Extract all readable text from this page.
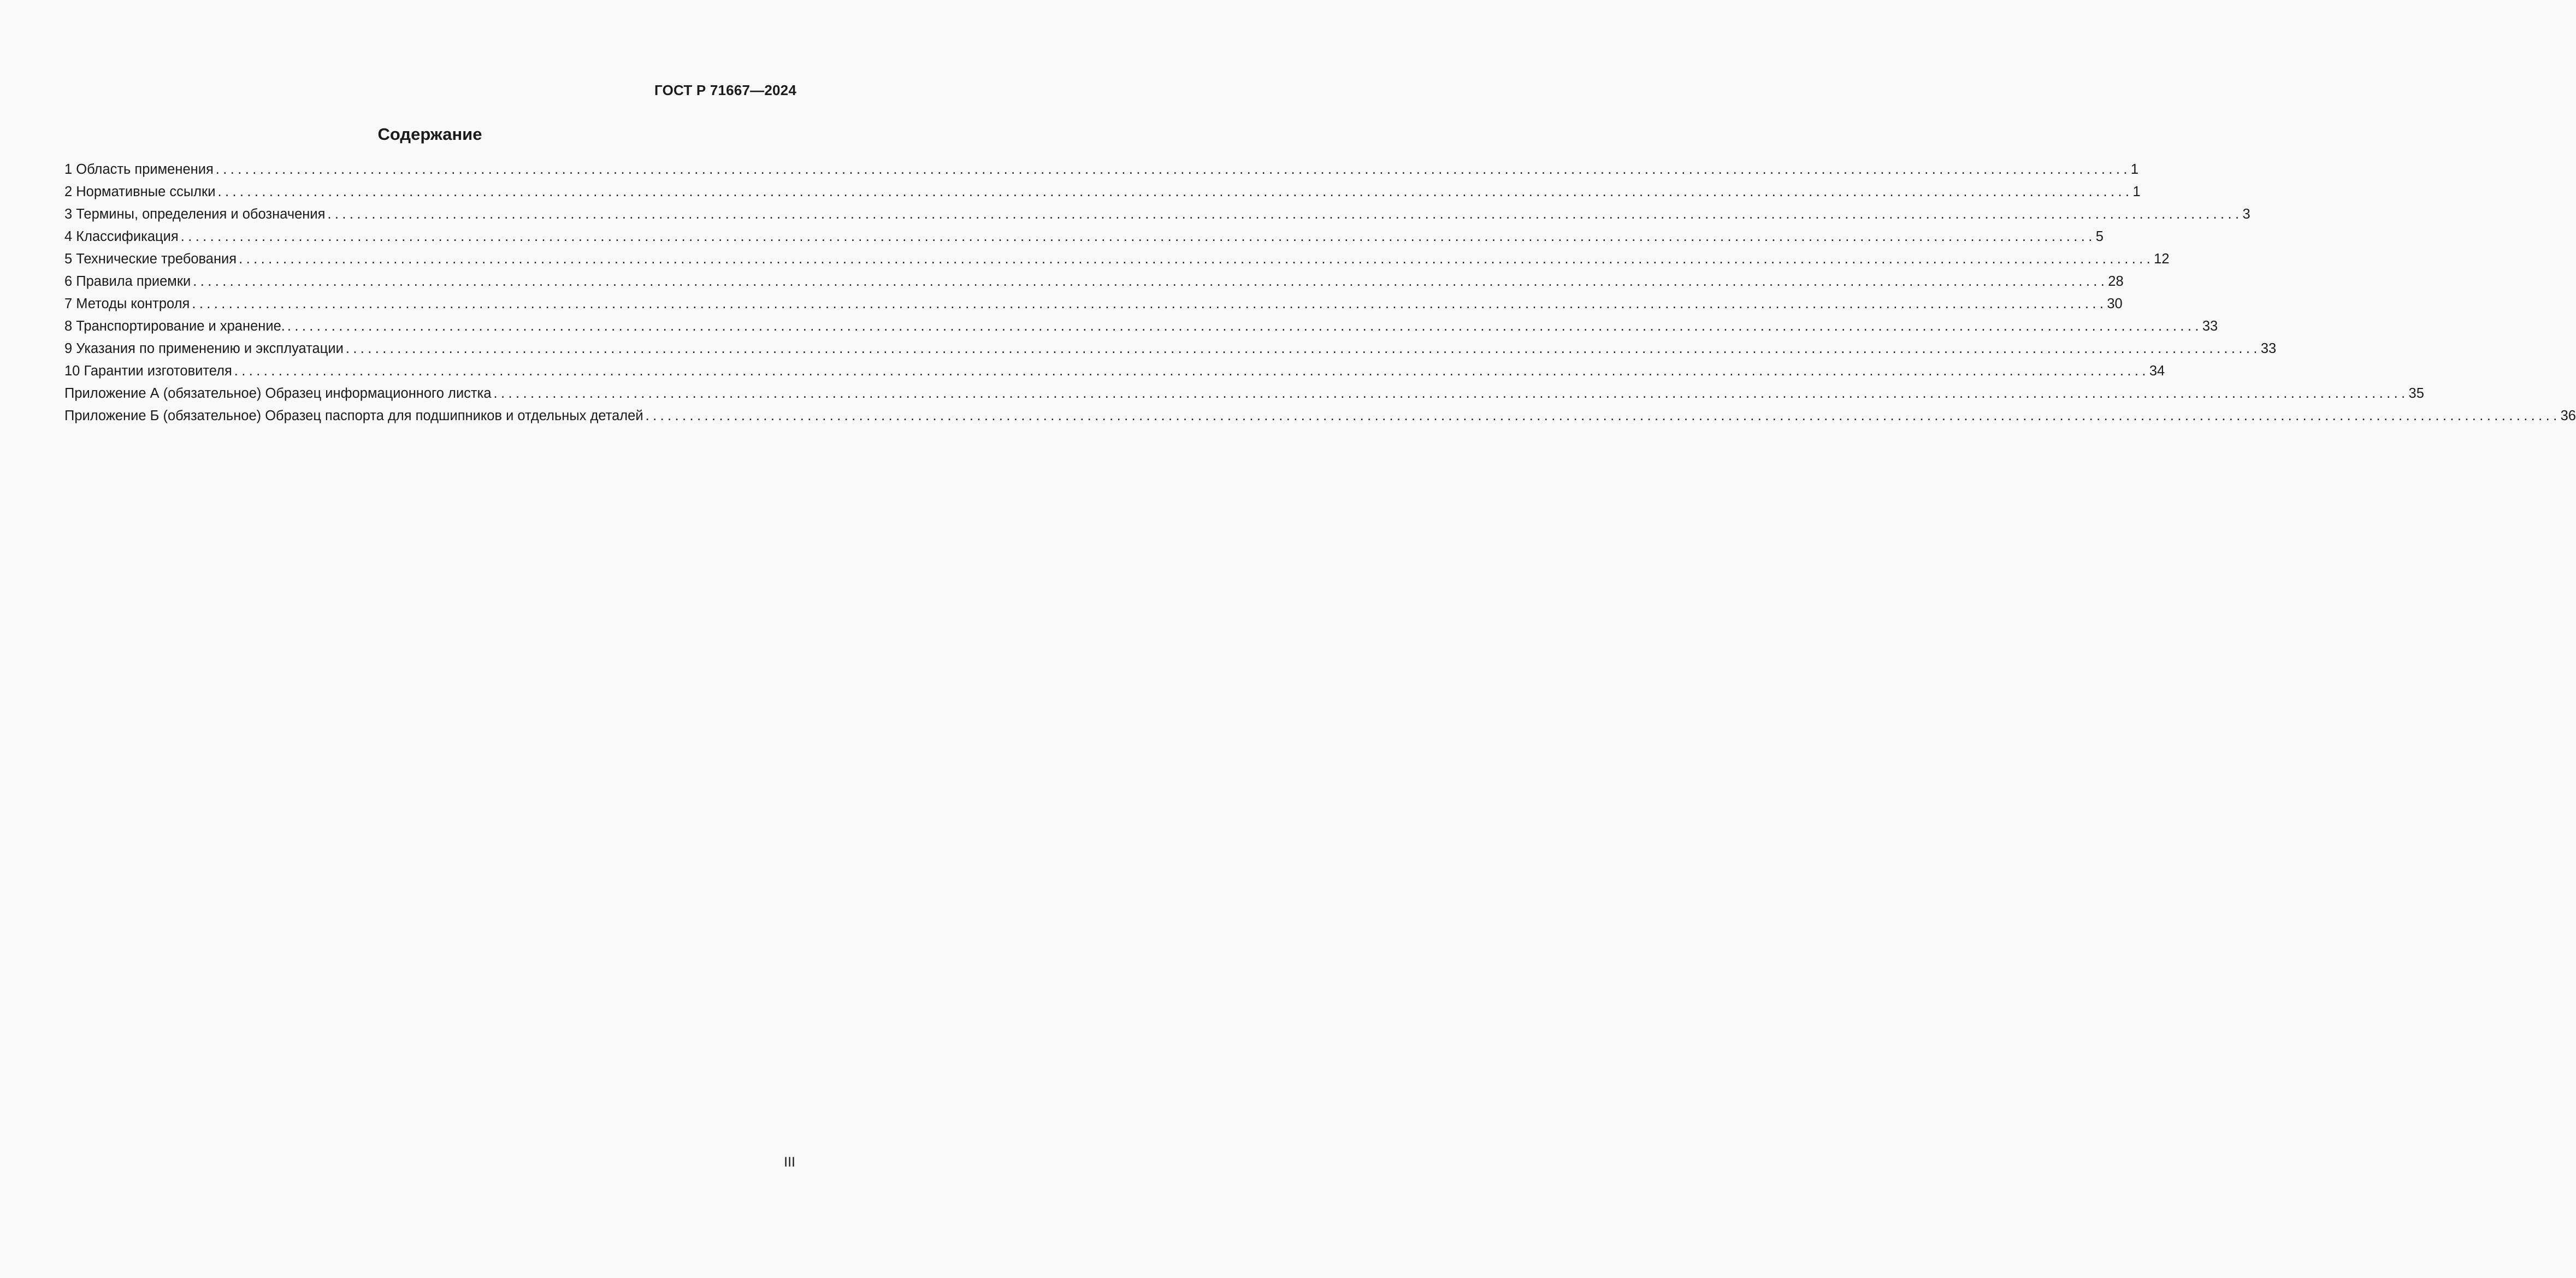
ГОСТ Р 71667—2024
Содержание
1 Область применения .................................................................................................................................................................................................................................................................... 1
2 Нормативные ссылки .................................................................................................................................................................................................................................................................... 1
3 Термины, определения и обозначения .................................................................................................................................................................................................................................................................... 3
4 Классификация .................................................................................................................................................................................................................................................................... 5
5 Технические требования .................................................................................................................................................................................................................................................................... 12
6 Правила приемки .................................................................................................................................................................................................................................................................... 28
7 Методы контроля .................................................................................................................................................................................................................................................................... 30
8 Транспортирование и хранение. .................................................................................................................................................................................................................................................................... 33
9 Указания по применению и эксплуатации .................................................................................................................................................................................................................................................................... 33
10 Гарантии изготовителя .................................................................................................................................................................................................................................................................... 34
Приложение А (обязательное) Образец информационного листка .................................................................................................................................................................................................................................................................... 35
Приложение Б (обязательное) Образец паспорта для подшипников и отдельных деталей .................................................................................................................................................................................................................................................................... 36
III
